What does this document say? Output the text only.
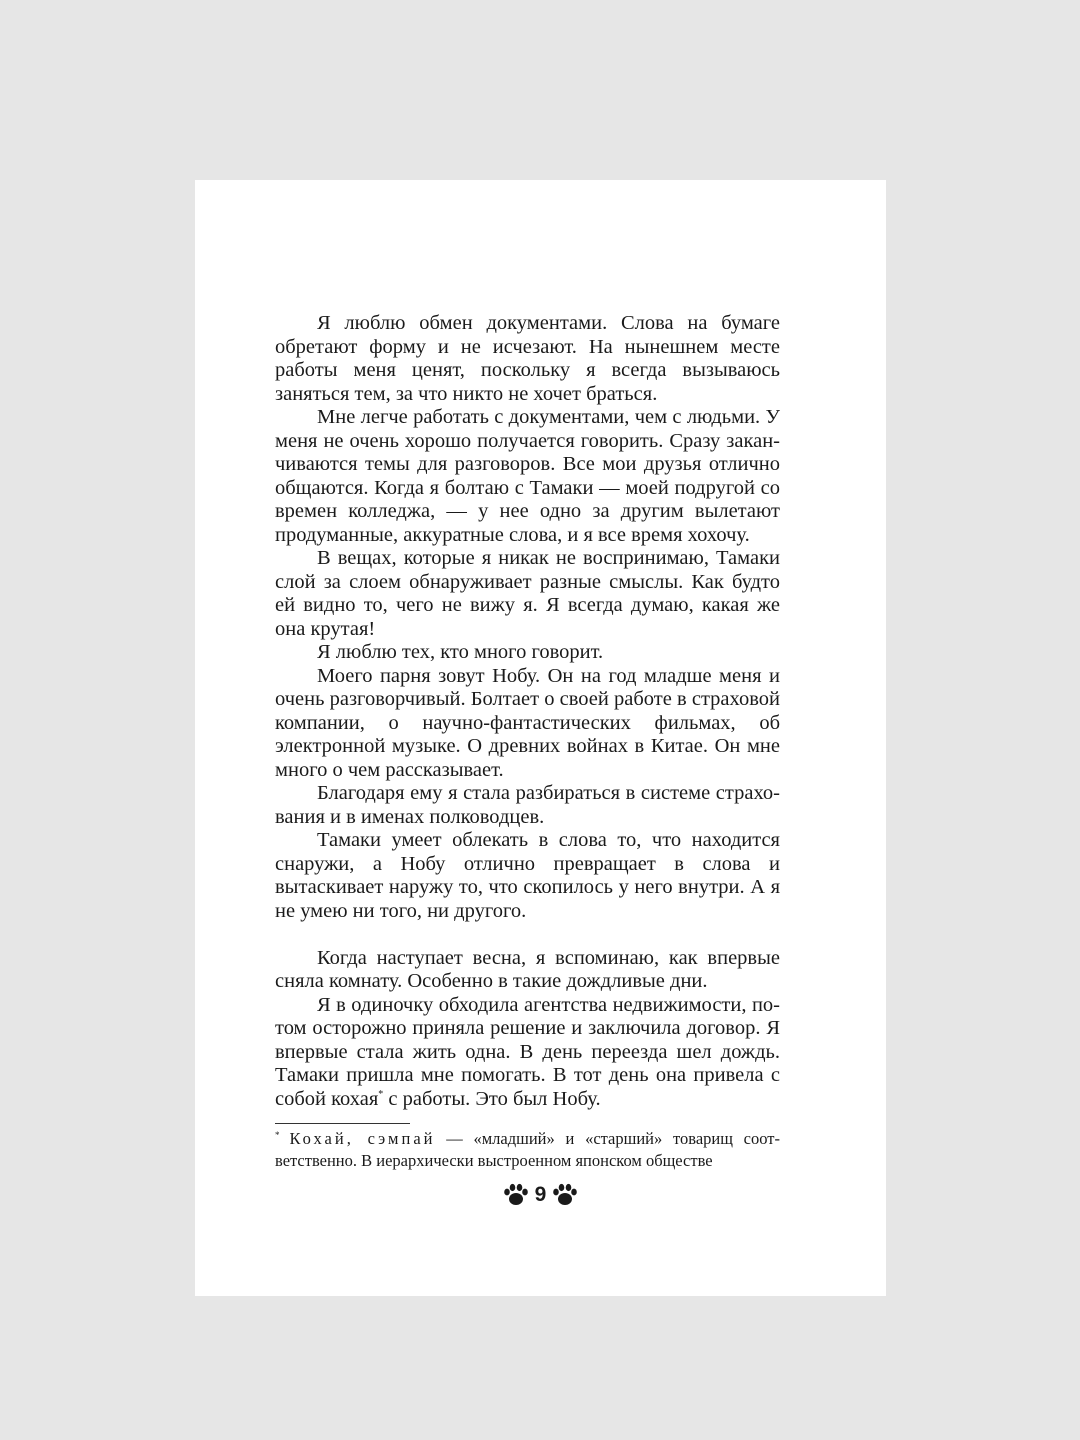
Я люблю обмен документами. Слова на бумаге обретают форму и не исчезают. На нынешнем месте работы меня ценят, поскольку я всегда вызываюсь заняться тем, за что никто не хочет браться.

Мне легче работать с документами, чем с людьми. У меня не очень хорошо получается говорить. Сразу заканчиваются темы для разговоров. Все мои друзья отлично общаются. Когда я болтаю с Тамаки — моей подругой со времен колледжа, — у нее одно за другим вылетают продуманные, аккуратные слова, и я все время хохочу.

В вещах, которые я никак не воспринимаю, Тамаки слой за слоем обнаруживает разные смыслы. Как будто ей видно то, чего не вижу я. Я всегда думаю, какая же она крутая!

Я люблю тех, кто много говорит.

Моего парня зовут Нобу. Он на год младше меня и очень разговорчивый. Болтает о своей работе в страховой компании, о научно-фантастических фильмах, об электронной музыке. О древних войнах в Китае. Он мне много о чем рассказывает.

Благодаря ему я стала разбираться в системе страхования и в именах полководцев.

Тамаки умеет облекать в слова то, что находится снаружи, а Нобу отлично превращает в слова и вытаскивает наружу то, что скопилось у него внутри. А я не умею ни того, ни другого.

Когда наступает весна, я вспоминаю, как впервые сняла комнату. Особенно в такие дождливые дни.

Я в одиночку обходила агентства недвижимости, потом осторожно приняла решение и заключила договор. Я впервые стала жить одна. В день переезда шел дождь. Тамаки пришла мне помогать. В тот день она привела с собой кохая* с работы. Это был Нобу.

* Кохай, сэмпай — «младший» и «старший» товарищ соответственно. В иерархически выстроенном японском обществе

9
